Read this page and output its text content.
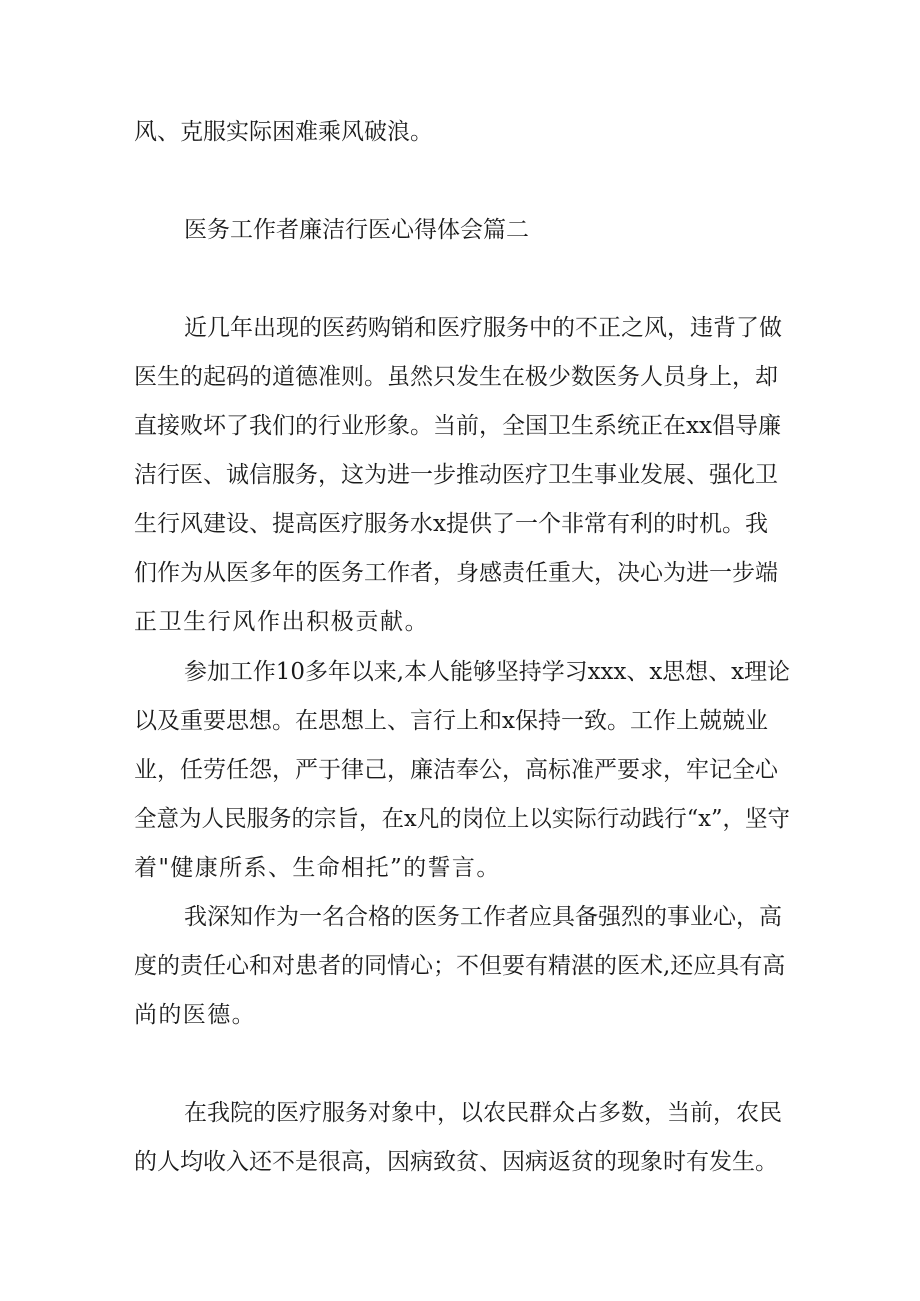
风、克服实际困难乘风破浪。
医务工作者廉洁行医心得体会篇二
近几年出现的医药购销和医疗服务中的不正之风，违背了做
医生的起码的道德准则。虽然只发生在极少数医务人员身上，却
直接败坏了我们的行业形象。当前，全国卫生系统正在xx倡导廉
洁行医、诚信服务，这为进一步推动医疗卫生事业发展、强化卫
生行风建设、提高医疗服务水x提供了一个非常有利的时机。我
们作为从医多年的医务工作者，身感责任重大，决心为进一步端
正卫生行风作出积极贡献。
参加工作10多年以来,本人能够坚持学习xxx、x思想、x理论
以及重要思想。在思想上、言行上和x保持一致。工作上兢兢业
业，任劳任怨，严于律己，廉洁奉公，高标准严要求，牢记全心
全意为人民服务的宗旨，在x凡的岗位上以实际行动践行“x”，坚守
着"健康所系、生命相托”的誓言。
我深知作为一名合格的医务工作者应具备强烈的事业心，高
度的责任心和对患者的同情心；不但要有精湛的医术,还应具有高
尚的医德。
在我院的医疗服务对象中，以农民群众占多数，当前，农民
的人均收入还不是很高，因病致贫、因病返贫的现象时有发生。
